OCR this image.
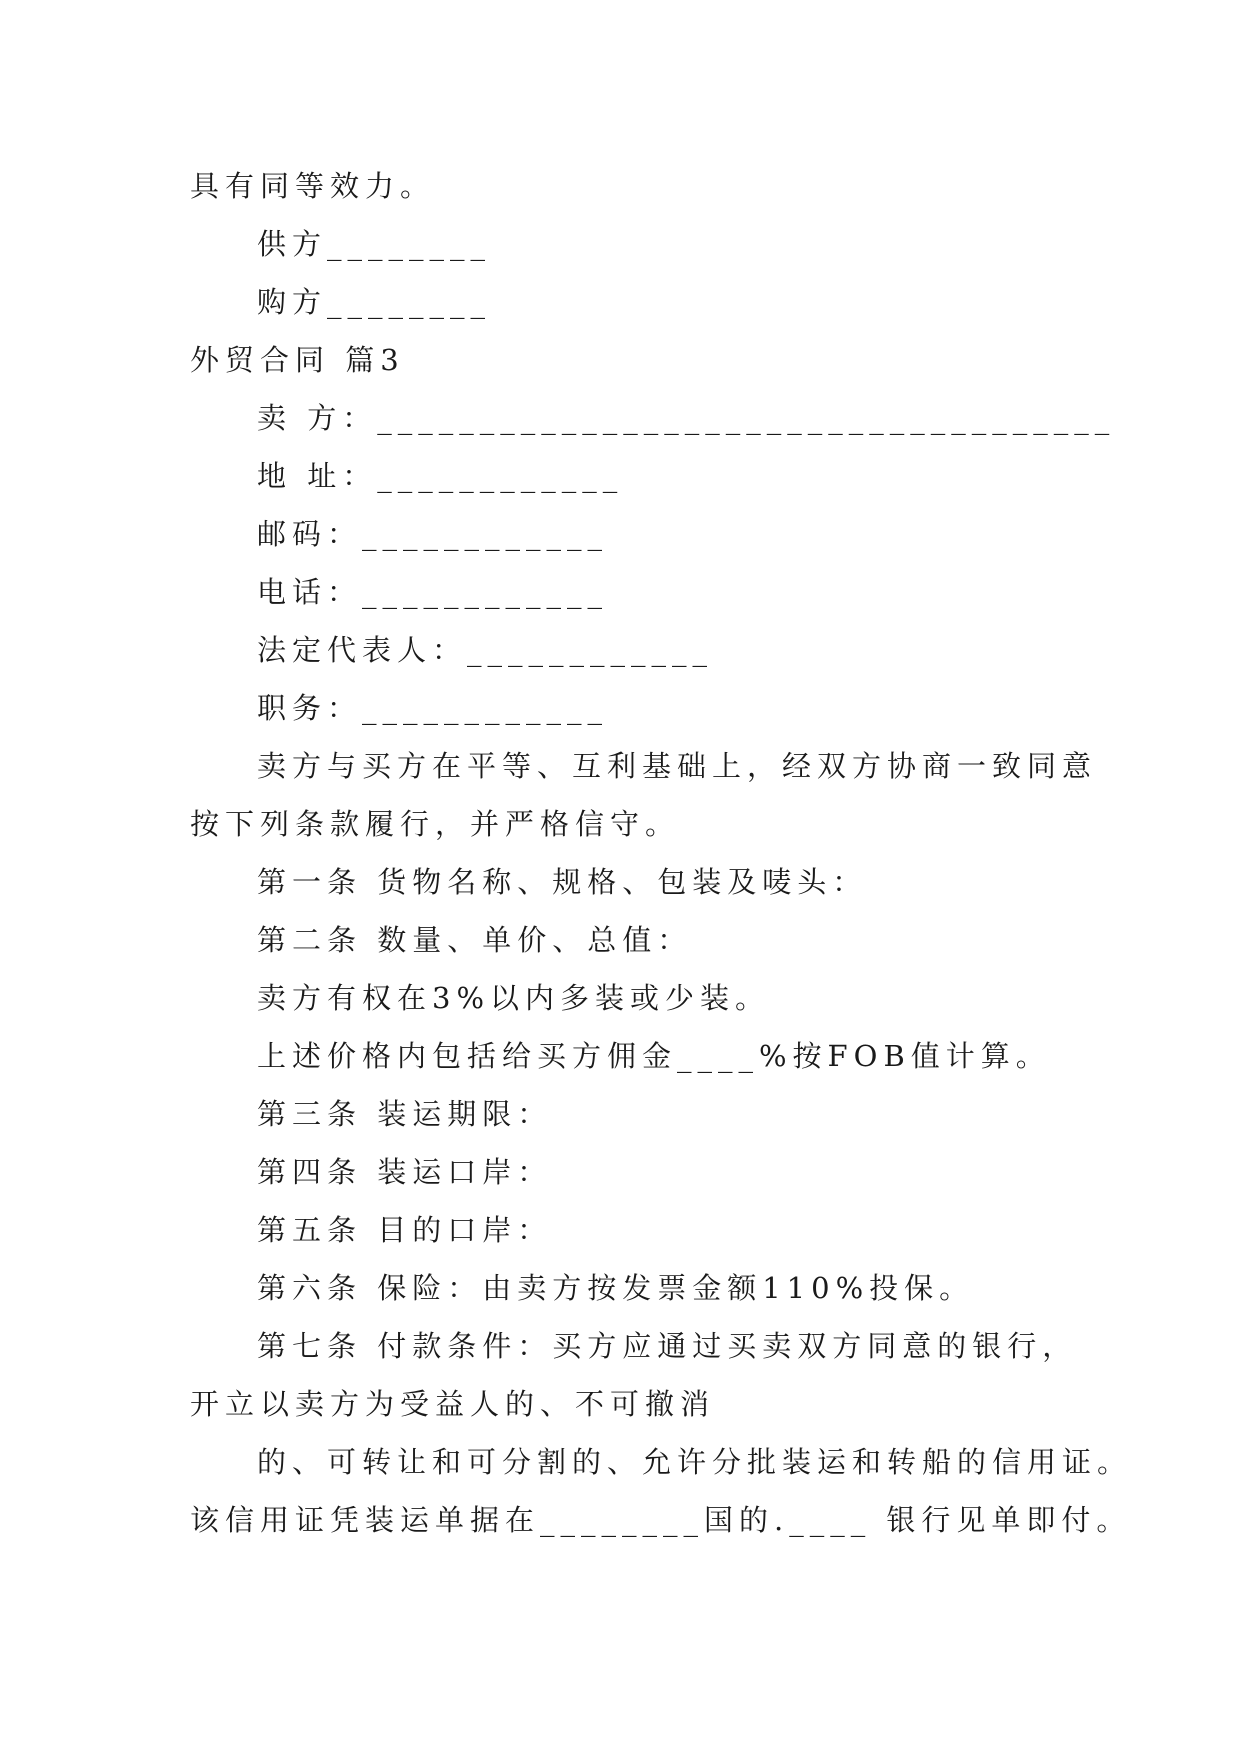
具有同等效力。
供方________
购方________
外贸合同 篇3
卖 方：____________________________________
地 址：____________
邮码：____________
电话：____________
法定代表人：____________
职务：____________
卖方与买方在平等、互利基础上，经双方协商一致同意
按下列条款履行，并严格信守。
第一条 货物名称、规格、包装及唛头：
第二条 数量、单价、总值：
卖方有权在3%以内多装或少装。
上述价格内包括给买方佣金____%按FOB值计算。
第三条 装运期限：
第四条 装运口岸：
第五条 目的口岸：
第六条 保险：由卖方按发票金额110%投保。
第七条 付款条件：买方应通过买卖双方同意的银行，
开立以卖方为受益人的、不可撤消
的、可转让和可分割的、允许分批装运和转船的信用证。
该信用证凭装运单据在________国的.____ 银行见单即付。
